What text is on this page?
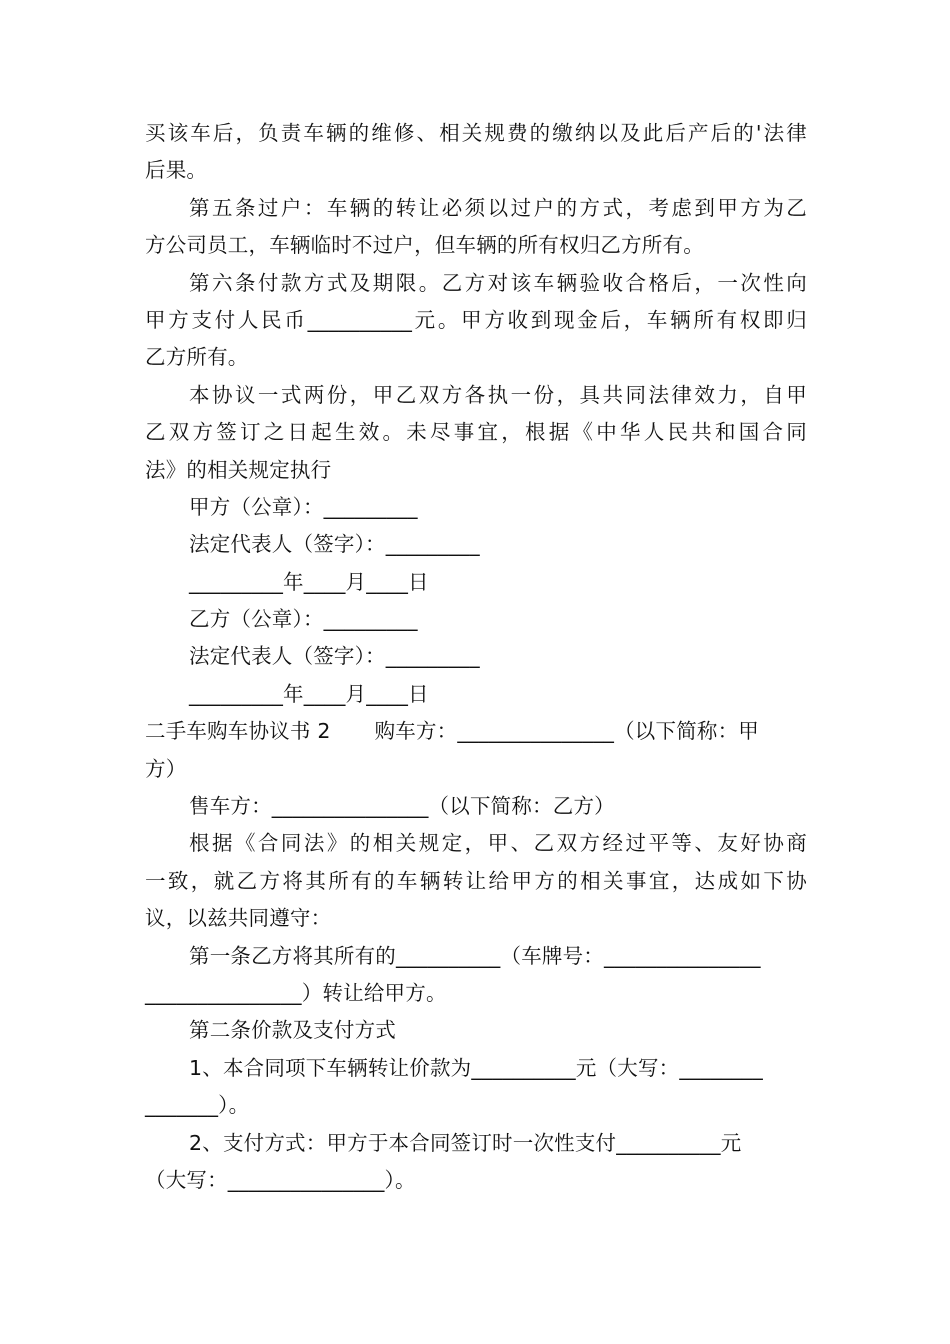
买该车后，负责车辆的维修、相关规费的缴纳以及此后产后的'法律
后果。
第五条过户：车辆的转让必须以过户的方式，考虑到甲方为乙
方公司员工，车辆临时不过户，但车辆的所有权归乙方所有。
第六条付款方式及期限。乙方对该车辆验收合格后，一次性向
甲方支付人民币__________元。甲方收到现金后，车辆所有权即归
乙方所有。
本协议一式两份，甲乙双方各执一份，具共同法律效力，自甲
乙双方签订之日起生效。未尽事宜，根据《中华人民共和国合同
法》的相关规定执行
甲方（公章）：_________
法定代表人（签字）：_________
_________年____月____日
乙方（公章）：_________
法定代表人（签字）：_________
_________年____月____日
二手车购车协议书 2 购车方：_______________（以下简称：甲
方）
售车方：_______________（以下简称：乙方）
根据《合同法》的相关规定，甲、乙双方经过平等、友好协商
一致，就乙方将其所有的车辆转让给甲方的相关事宜，达成如下协
议，以兹共同遵守：
第一条乙方将其所有的__________（车牌号：_______________
_______________）转让给甲方。
第二条价款及支付方式
1、本合同项下车辆转让价款为__________元（大写：________
_______）。
2、支付方式：甲方于本合同签订时一次性支付__________元
（大写：_______________）。
